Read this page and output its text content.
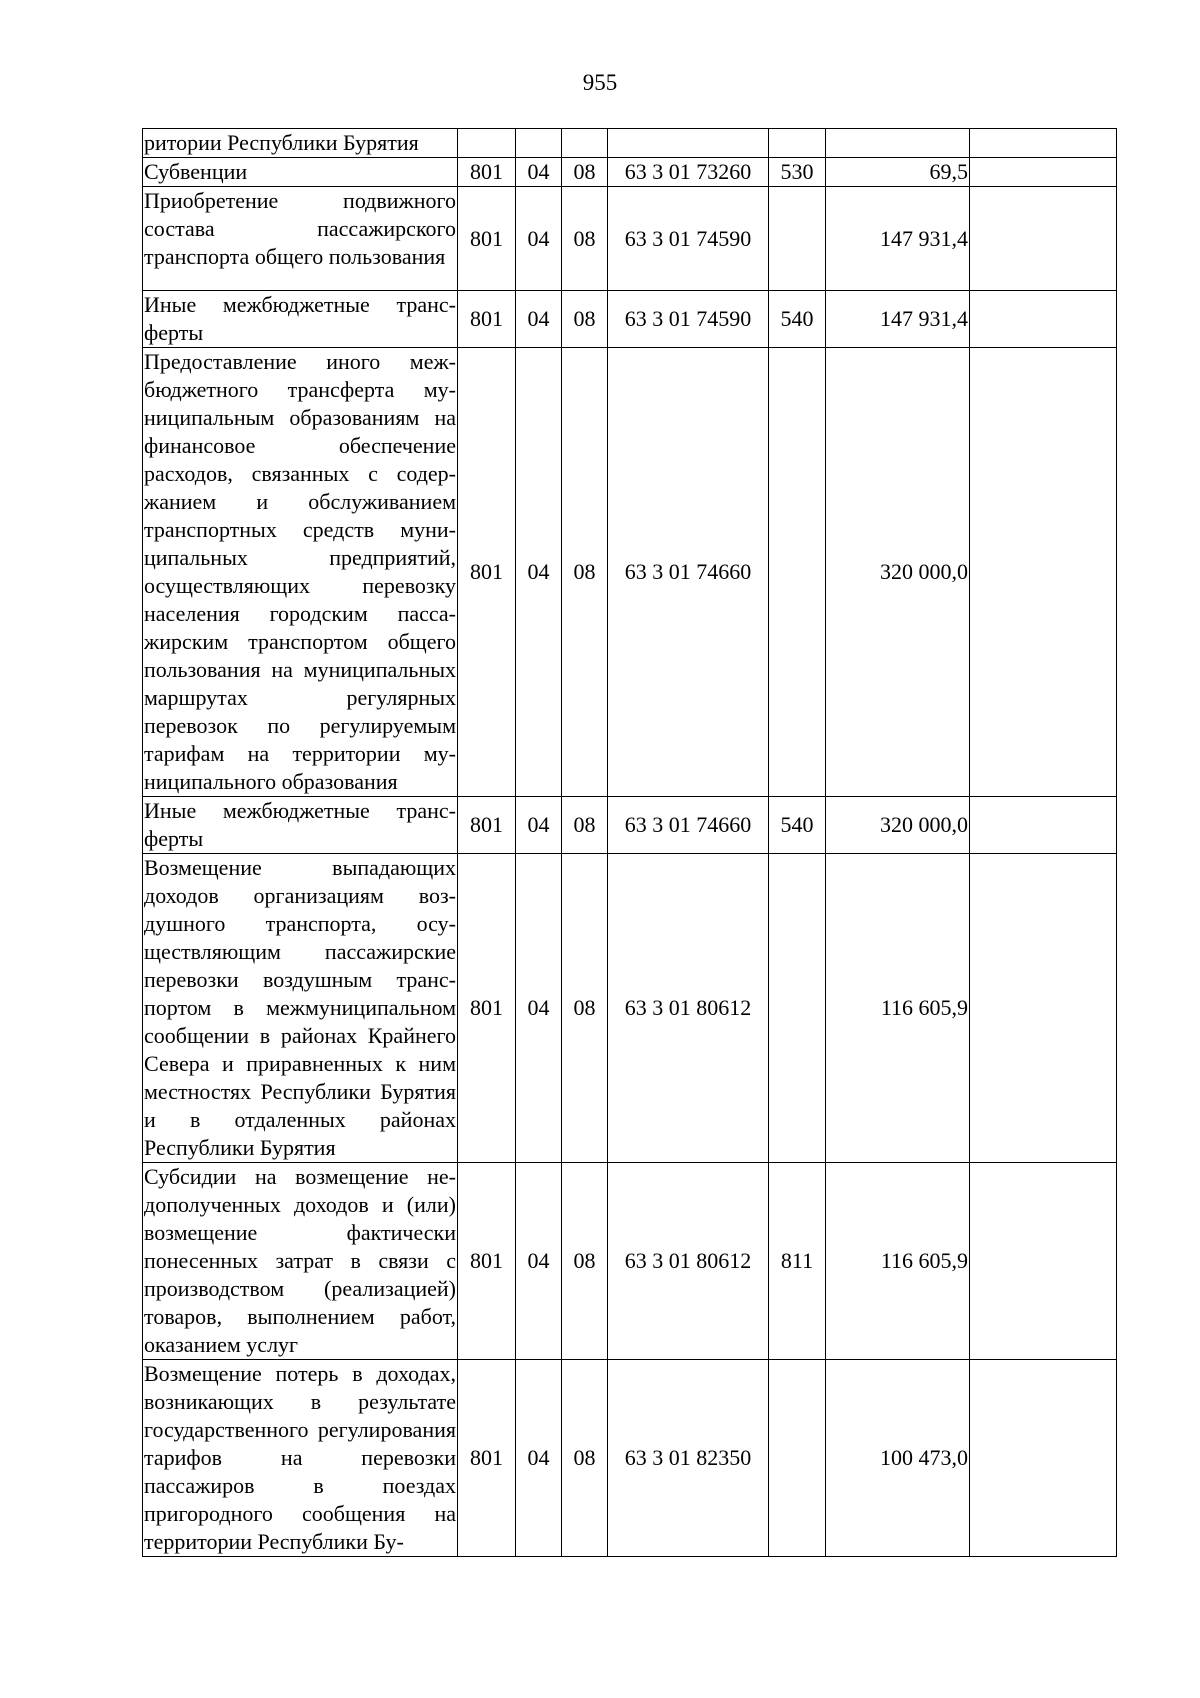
955
ритории Республики Бурятия							
Субвенции	801	04	08	63 3 01 73260	530	69,5	
Приобретение подвижного состава пассажирского транспорта общего пользования	801	04	08	63 3 01 74590		147 931,4	
Иные межбюджетные трансферты	801	04	08	63 3 01 74590	540	147 931,4	
Предоставление иного межбюджетного трансферта муниципальным образованиям на финансовое обеспечение расходов, связанных с содержанием и обслуживанием транспортных средств муниципальных предприятий, осуществляющих перевозку населения городским пассажирским транспортом общего пользования на муниципальных маршрутах регулярных перевозок по регулируемым тарифам на территории муниципального образования	801	04	08	63 3 01 74660		320 000,0	
Иные межбюджетные трансферты	801	04	08	63 3 01 74660	540	320 000,0	
Возмещение выпадающих доходов организациям воздушного транспорта, осуществляющим пассажирские перевозки воздушным транспортом в межмуниципальном сообщении в районах Крайнего Севера и приравненных к ним местностях Республики Бурятия и в отдаленных районах Республики Бурятия	801	04	08	63 3 01 80612		116 605,9	
Субсидии на возмещение недополученных доходов и (или) возмещение фактически понесенных затрат в связи с производством (реализацией) товаров, выполнением работ, оказанием услуг	801	04	08	63 3 01 80612	811	116 605,9	
Возмещение потерь в доходах, возникающих в результате государственного регулирования тарифов на перевозки пассажиров в поездах пригородного сообщения на территории Республики Бу-	801	04	08	63 3 01 82350		100 473,0	
